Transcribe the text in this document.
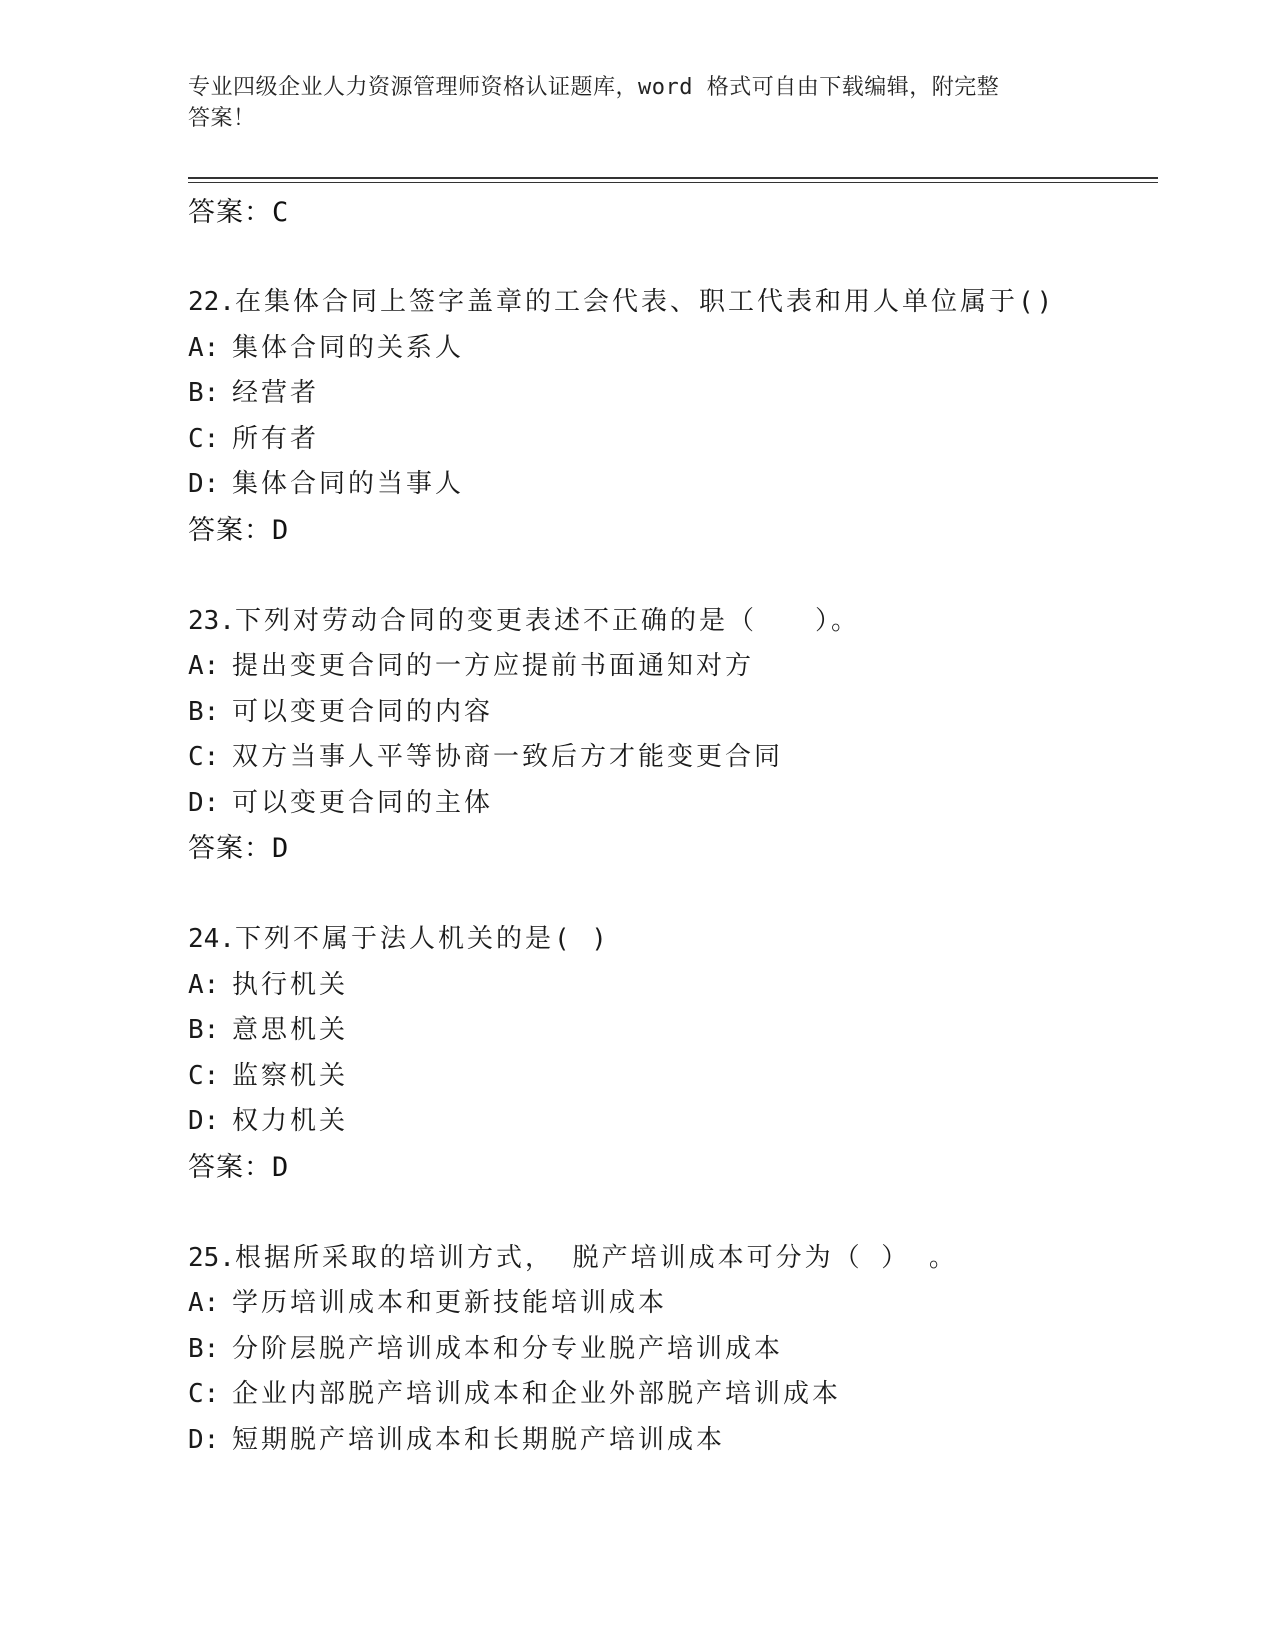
专业四级企业人力资源管理师资格认证题库，word 格式可自由下载编辑，附完整
答案！
答案：C
22.在集体合同上签字盖章的工会代表、职工代表和用人单位属于()
A: 集体合同的关系人
B: 经营者
C: 所有者
D: 集体合同的当事人
答案：D
23.下列对劳动合同的变更表述不正确的是（　　）。
A: 提出变更合同的一方应提前书面通知对方
B: 可以变更合同的内容
C: 双方当事人平等协商一致后方才能变更合同
D: 可以变更合同的主体
答案：D
24.下列不属于法人机关的是( )
A: 执行机关
B: 意思机关
C: 监察机关
D: 权力机关
答案：D
25.根据所采取的培训方式， 脱产培训成本可分为（ ） 。
A: 学历培训成本和更新技能培训成本
B: 分阶层脱产培训成本和分专业脱产培训成本
C: 企业内部脱产培训成本和企业外部脱产培训成本
D: 短期脱产培训成本和长期脱产培训成本
